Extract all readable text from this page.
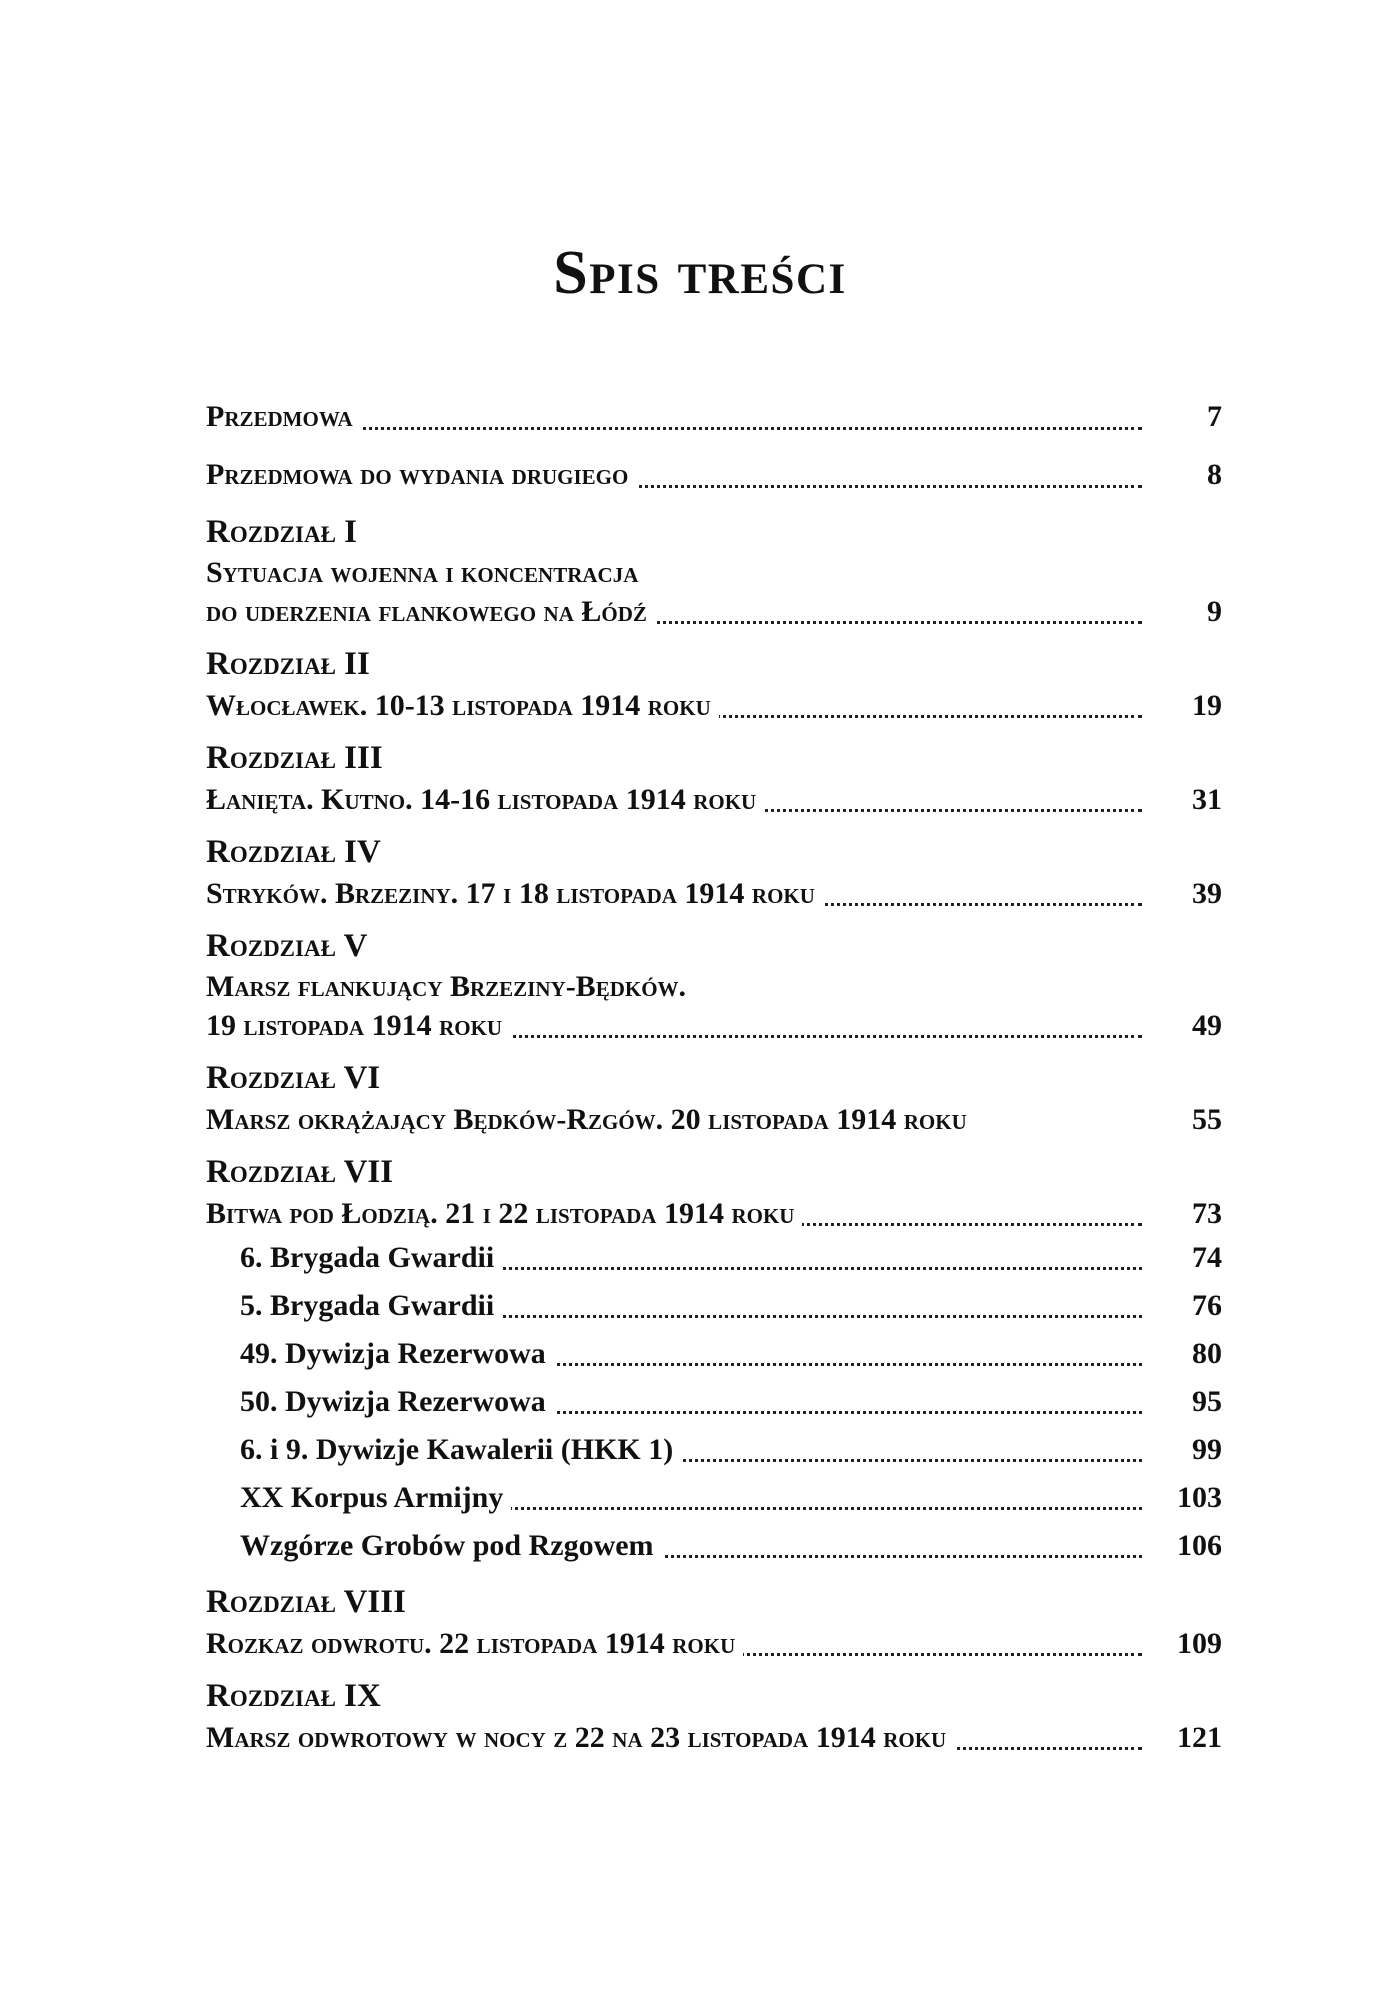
Spis treści
Przedmowa	7
Przedmowa do wydania drugiego	8
Rozdział I
Sytuacja wojenna i koncentracja
do uderzenia flankowego na Łódź	9
Rozdział II
Włocławek. 10-13 listopada 1914 roku	19
Rozdział III
Łanięta. Kutno. 14-16 listopada 1914 roku	31
Rozdział IV
Stryków. Brzeziny. 17 i 18 listopada 1914 roku	39
Rozdział V
Marsz flankujący Brzeziny-Będków.
19 listopada 1914 roku	49
Rozdział VI
Marsz okrążający Będków-Rzgów. 20 listopada 1914 roku	55
Rozdział VII
Bitwa pod Łodzią. 21 i 22 listopada 1914 roku	73
6. Brygada Gwardii	74
5. Brygada Gwardii	76
49. Dywizja Rezerwowa	80
50. Dywizja Rezerwowa	95
6. i 9. Dywizje Kawalerii (HKK 1)	99
XX Korpus Armijny	103
Wzgórze Grobów pod Rzgowem	106
Rozdział VIII
Rozkaz odwrotu. 22 listopada 1914 roku	109
Rozdział IX
Marsz odwrotowy w nocy z 22 na 23 listopada 1914 roku	121
